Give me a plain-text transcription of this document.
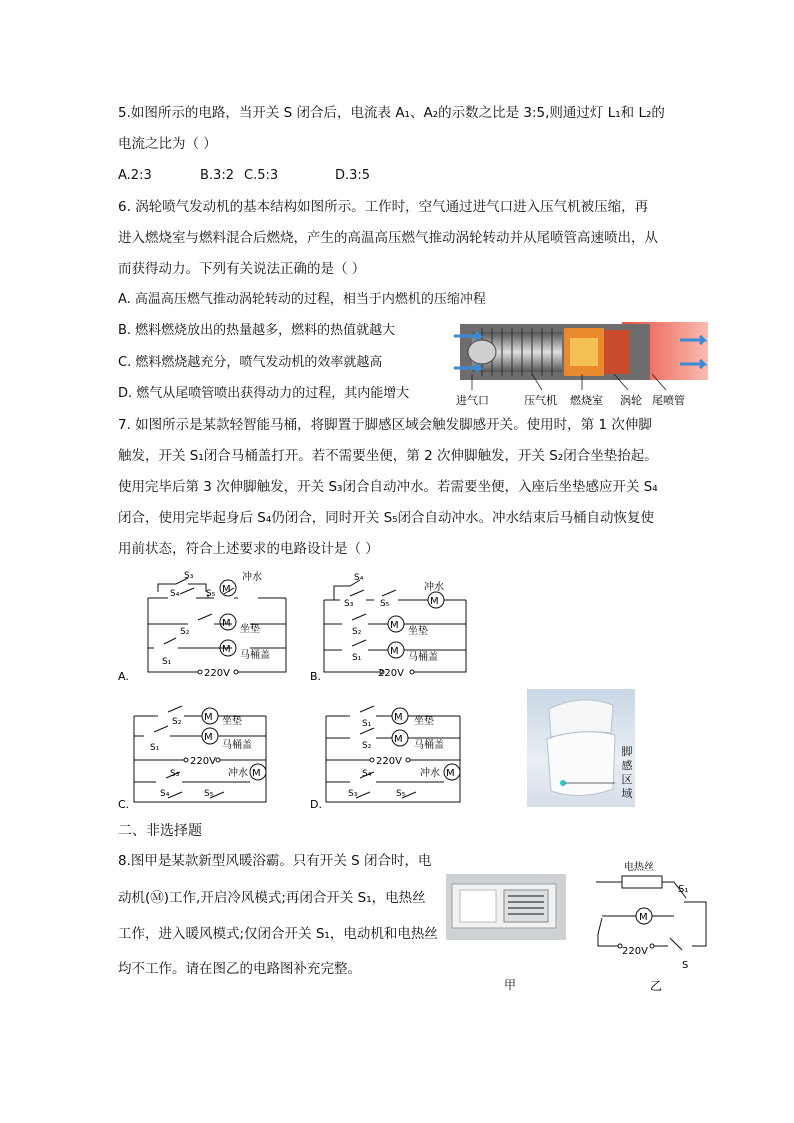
5.如图所示的电路，当开关 S 闭合后，电流表 A₁、A₂的示数之比是 3:5,则通过灯 L₁和 L₂的
电流之比为（ ）
A.2:3	B.3:2 C.5:3	D.3:5
6. 涡轮喷气发动机的基本结构如图所示。工作时，空气通过进气口进入压气机被压缩，再
进入燃烧室与燃料混合后燃烧，产生的高温高压燃气推动涡轮转动并从尾喷管高速喷出，从
而获得动力。下列有关说法正确的是（ ）
A. 高温高压燃气推动涡轮转动的过程，相当于内燃机的压缩冲程
B. 燃料燃烧放出的热量越多，燃料的热值就越大
C. 燃料燃烧越充分，喷气发动机的效率就越高
D. 燃气从尾喷管喷出获得动力的过程，其内能增大	进气口	压气机 燃烧室 涡轮 尾喷管
7. 如图所示是某款轻智能马桶，将脚置于脚感区域会触发脚感开关。使用时，第 1 次伸脚
触发，开关 S₁闭合马桶盖打开。若不需要坐便，第 2 次伸脚触发，开关 S₂闭合坐垫抬起。
使用完毕后第 3 次伸脚触发，开关 S₃闭合自动冲水。若需要坐便，入座后坐垫感应开关 S₄
闭合，使用完毕起身后 S₄仍闭合，同时开关 S₅闭合自动冲水。冲水结束后马桶自动恢复使
用前状态，符合上述要求的电路设计是（ ）
M
M
M
S₃
S₄	S₅
S₂
S₁
冲水
坐垫
马桶盖
220V
A.
M
M
M
S₄
S₃	S₅
S₂
S₁
冲水
坐垫
马桶盖
220V
B.
M
M
M
S₂
S₁
S₃
S₄	S₅
坐垫
马桶盖
220V
冲水
C.
M
M
M
S₁
S₂
S₄
S₃	S₅
坐垫
马桶盖
220V
冲水
D.
脚
感
区
域
二、非选择题
8.图甲是某款新型风暖浴霸。只有开关 S 闭合时，电
动机(Ⓜ)工作,开启冷风模式;再闭合开关 S₁，电热丝
工作，进入暖风模式;仅闭合开关 S₁，电动机和电热丝
均不工作。请在图乙的电路图补充完整。
甲
电热丝
S₁
M
220V
S
乙
